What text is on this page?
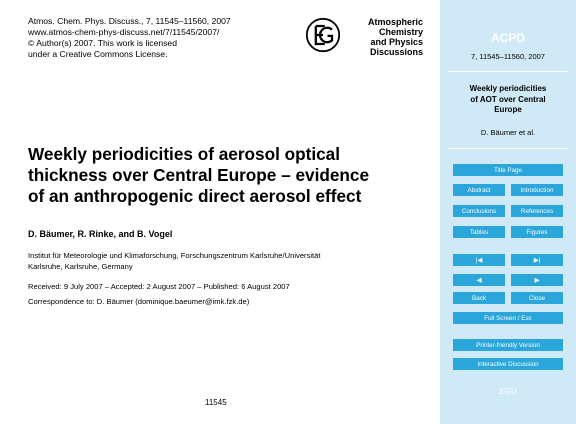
Atmos. Chem. Phys. Discuss., 7, 11545–11560, 2007
www.atmos-chem-phys-discuss.net/7/11545/2007/
© Author(s) 2007. This work is licensed
under a Creative Commons License.
Atmospheric
Chemistry
and Physics
Discussions
Weekly periodicities of aerosol optical
thickness over Central Europe – evidence
of an anthropogenic direct aerosol effect
D. Bäumer, R. Rinke, and B. Vogel
Institut für Meteorologie und Klimaforschung, Forschungszentrum Karlsruhe/Universität
Karlsruhe, Karlsruhe, Germany
Received: 9 July 2007 – Accepted: 2 August 2007 – Published: 6 August 2007
Correspondence to: D. Bäumer (dominique.baeumer@imk.fzk.de)
11545
ACPD
7, 11545–11560, 2007
Weekly periodicities
of AOT over Central
Europe
D. Bäumer et al.
Title Page
Abstract	Introduction
Conclusions	References
Tables	Figures
|◀	▶|
◀	▶
Back	Close
Full Screen / Esc
Printer-friendly Version
Interactive Discussion
EGU
